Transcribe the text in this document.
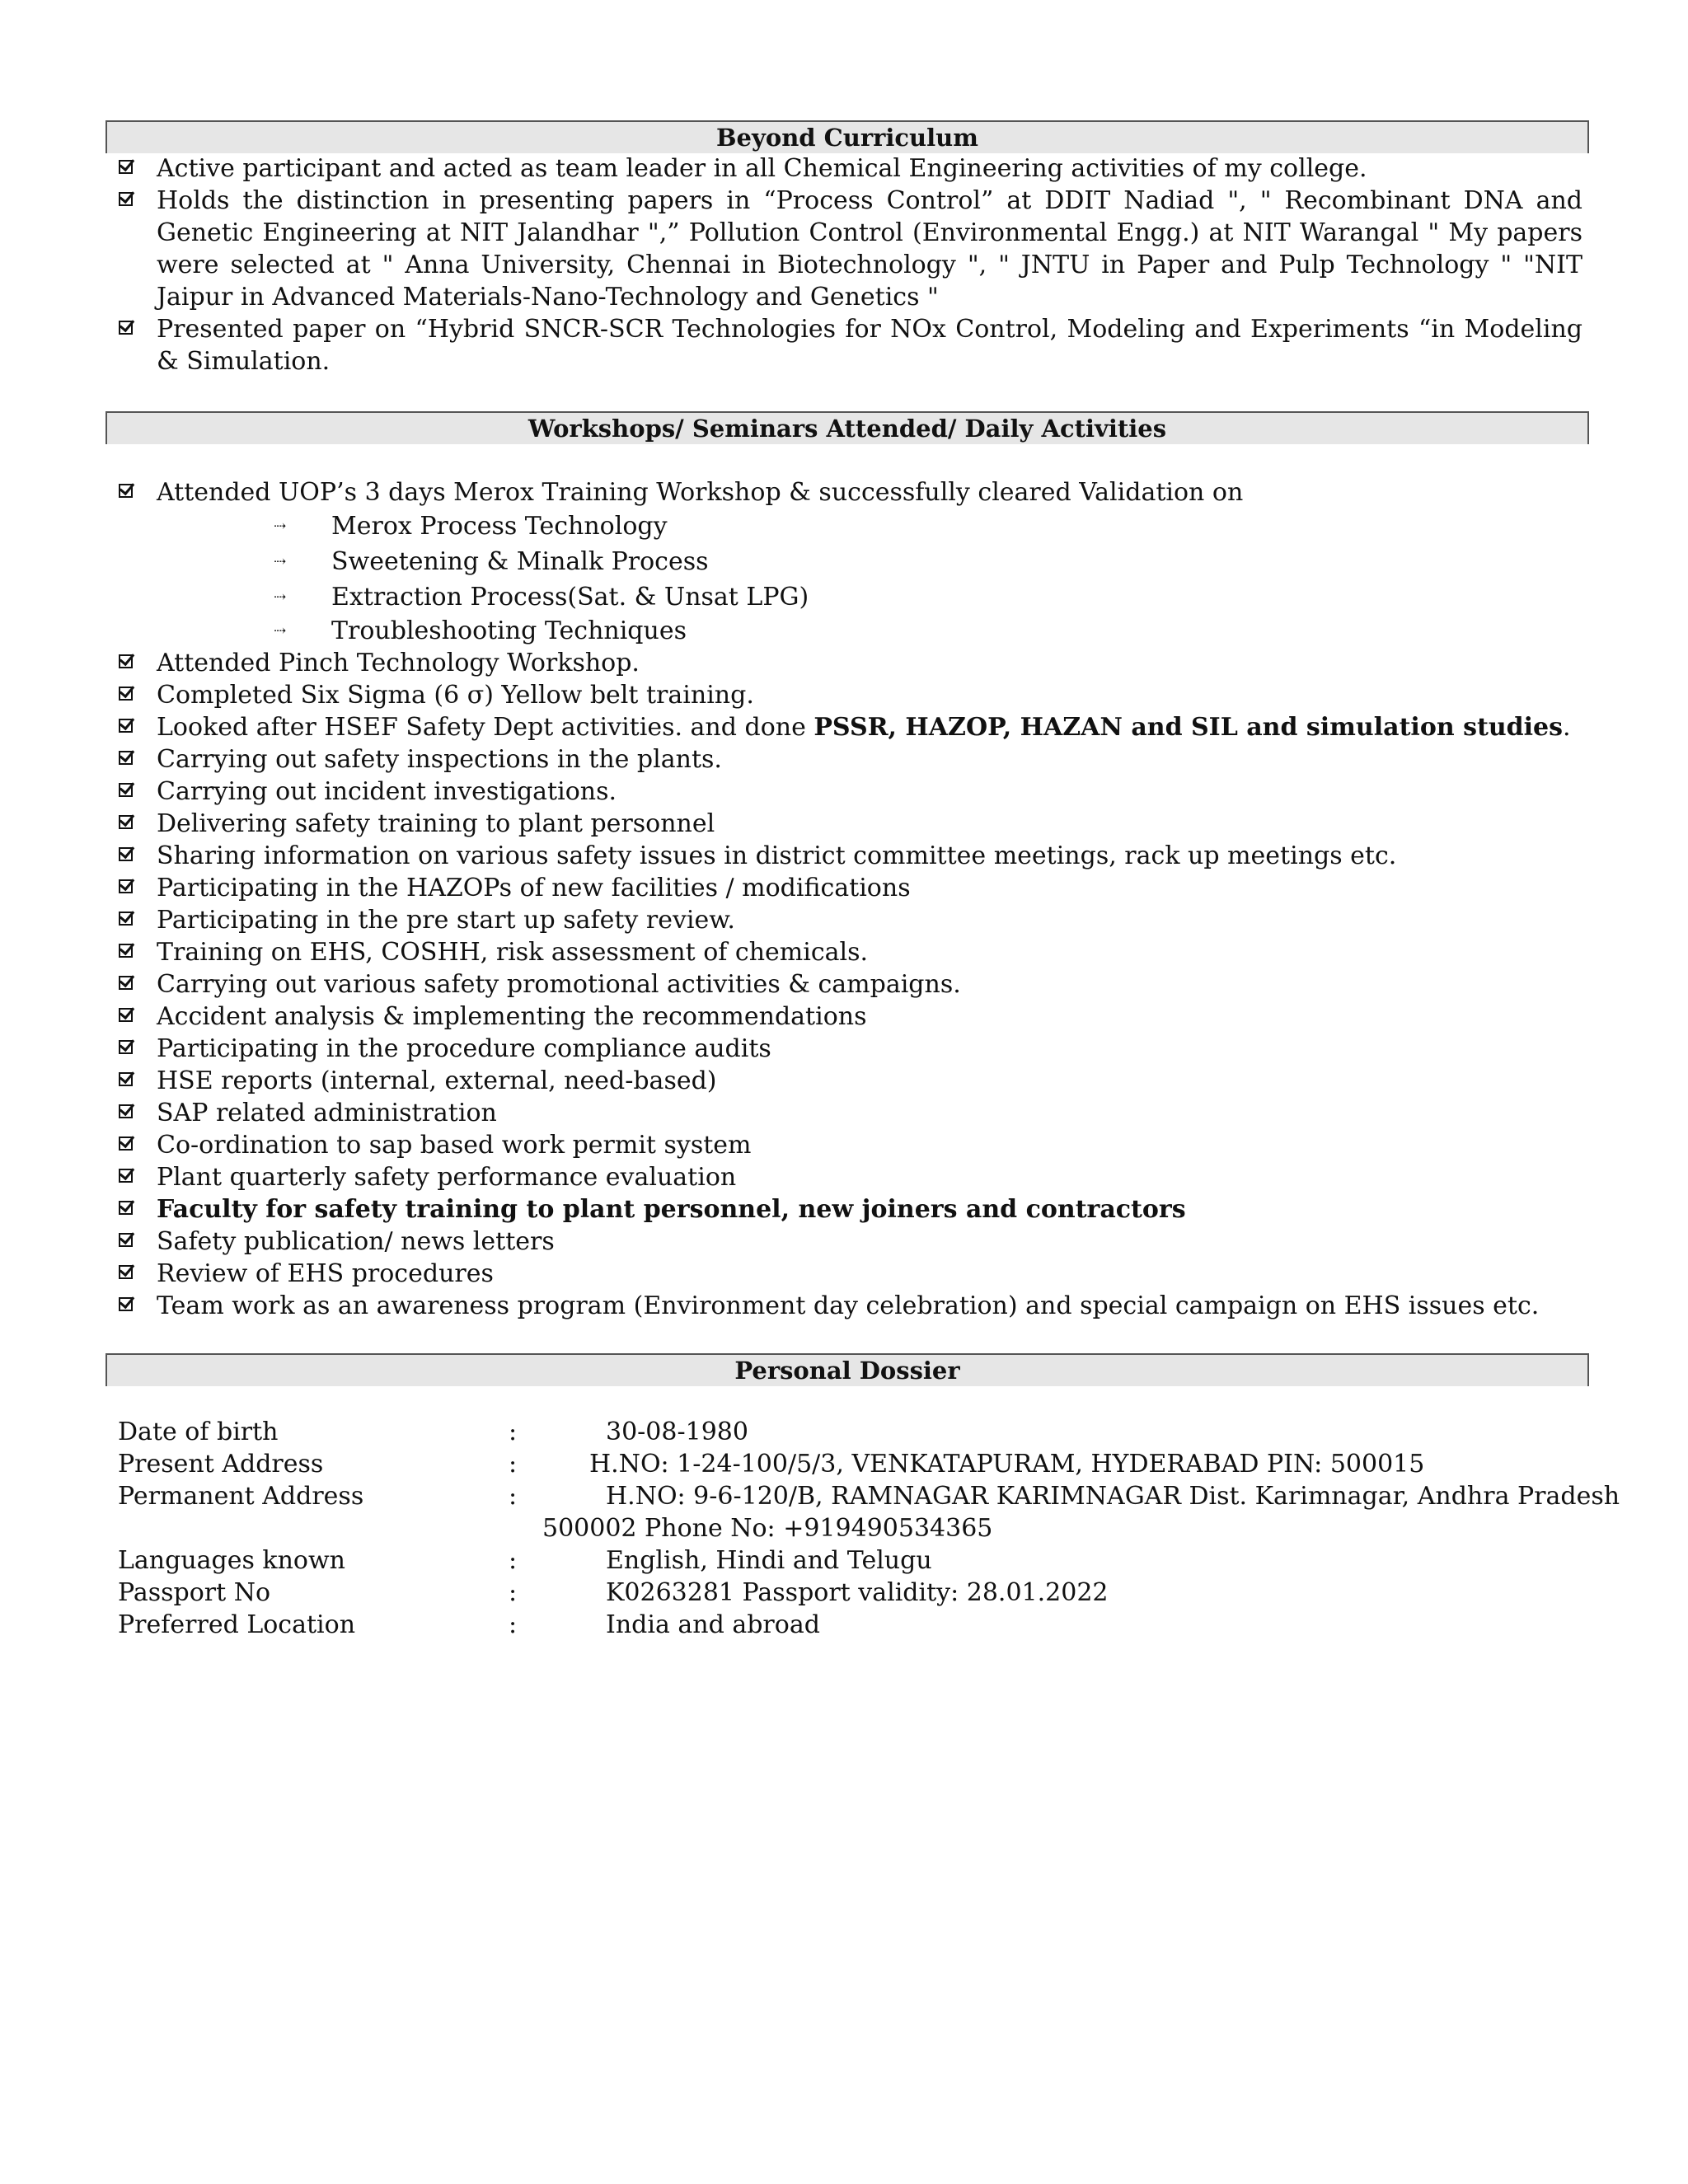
Beyond Curriculum
Active participant and acted as team leader in all Chemical Engineering activities of my college.
Holds the distinction in presenting papers in “Process Control” at DDIT Nadiad ", " Recombinant DNA and Genetic Engineering at NIT Jalandhar ",” Pollution Control (Environmental Engg.) at NIT Warangal " My papers were selected at " Anna University, Chennai in Biotechnology ", " JNTU in Paper and Pulp Technology " "NIT Jaipur in Advanced Materials-Nano-Technology and Genetics "
Presented paper on “Hybrid SNCR-SCR Technologies for NOx Control, Modeling and Experiments “in Modeling & Simulation.
Workshops/ Seminars Attended/ Daily Activities
Attended UOP’s 3 days Merox Training Workshop & successfully cleared Validation on
⇢ Merox Process Technology
⇢ Sweetening & Minalk Process
⇢ Extraction Process(Sat. & Unsat LPG)
⇢ Troubleshooting Techniques
Attended Pinch Technology Workshop.
Completed Six Sigma (6 σ) Yellow belt training.
Looked after HSEF Safety Dept activities. and done PSSR, HAZOP, HAZAN and SIL and simulation studies.
Carrying out safety inspections in the plants.
Carrying out incident investigations.
Delivering safety training to plant personnel
Sharing information on various safety issues in district committee meetings, rack up meetings etc.
Participating in the HAZOPs of new facilities / modifications
Participating in the pre start up safety review.
Training on EHS, COSHH, risk assessment of chemicals.
Carrying out various safety promotional activities & campaigns.
Accident analysis & implementing the recommendations
Participating in the procedure compliance audits
HSE reports (internal, external, need-based)
SAP related administration
Co-ordination to sap based work permit system
Plant quarterly safety performance evaluation
Faculty for safety training to plant personnel, new joiners and contractors
Safety publication/ news letters
Review of EHS procedures
Team work as an awareness program (Environment day celebration) and special campaign on EHS issues etc.
Personal Dossier
Date of birth	:	30-08-1980
Present Address	:	H.NO: 1-24-100/5/3, VENKATAPURAM, HYDERABAD PIN: 500015
Permanent Address	:	H.NO: 9-6-120/B, RAMNAGAR KARIMNAGAR Dist. Karimnagar, Andhra Pradesh
500002 Phone No: +919490534365
Languages known	:	English, Hindi and Telugu
Passport No	:	K0263281 Passport validity: 28.01.2022
Preferred Location	:	India and abroad
